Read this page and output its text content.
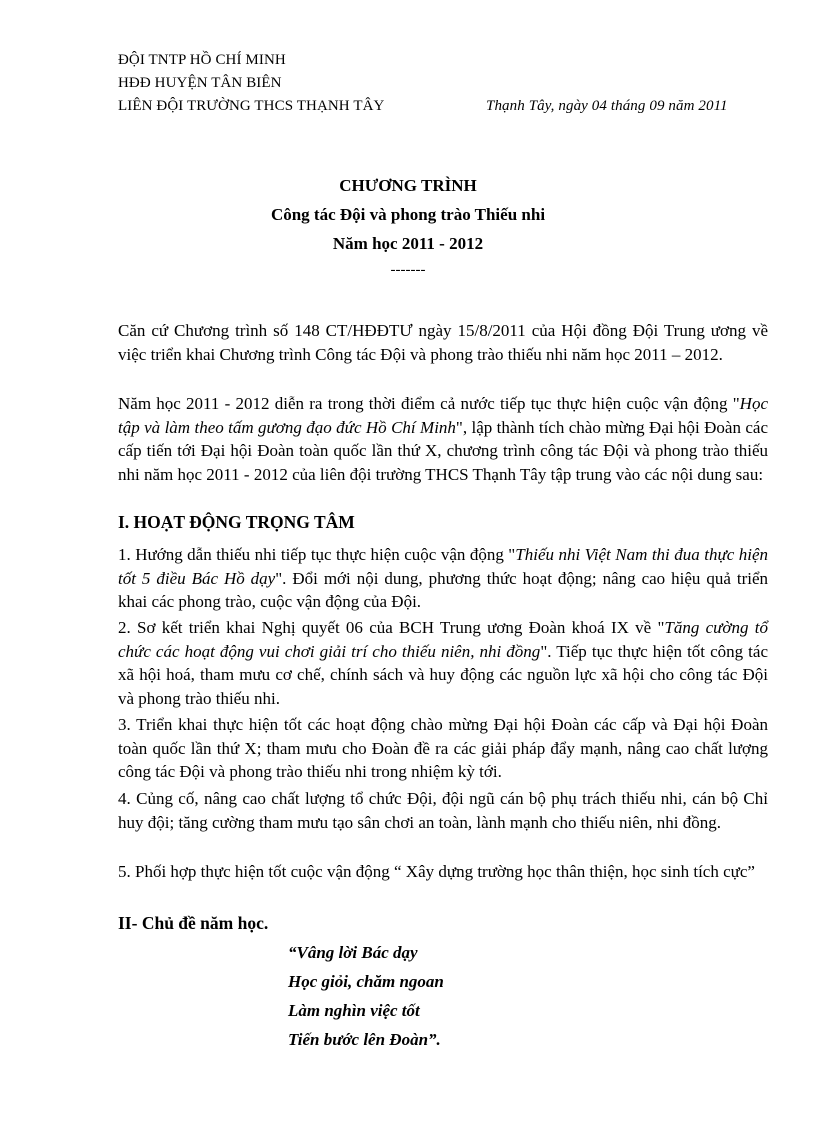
ĐỘI TNTP HỒ CHÍ MINH
HĐĐ HUYỆN TÂN BIÊN
LIÊN ĐỘI TRƯỜNG THCS THẠNH TÂY	Thạnh Tây, ngày 04 tháng 09 năm 2011
CHƯƠNG TRÌNH
Công tác Đội và phong trào Thiếu nhi
Năm học 2011 - 2012
-------
Căn cứ Chương trình số 148 CT/HĐĐTƯ ngày 15/8/2011 của Hội đồng Đội Trung ương về việc triển khai Chương trình Công tác Đội và phong trào thiếu nhi năm học 2011 – 2012.
Năm học 2011 - 2012 diễn ra trong thời điểm cả nước tiếp tục thực hiện cuộc vận động "Học tập và làm theo tấm gương đạo đức Hồ Chí Minh", lập thành tích chào mừng Đại hội Đoàn các cấp tiến tới Đại hội Đoàn toàn quốc lần thứ X, chương trình công tác Đội và phong trào thiếu nhi năm học 2011 - 2012 của liên đội trường THCS Thạnh Tây tập trung vào các nội dung sau:
I. HOẠT ĐỘNG TRỌNG TÂM
1. Hướng dẫn thiếu nhi tiếp tục thực hiện cuộc vận động "Thiếu nhi Việt Nam thi đua thực hiện tốt 5 điều Bác Hồ dạy". Đổi mới nội dung, phương thức hoạt động; nâng cao hiệu quả triển khai các phong trào, cuộc vận động của Đội.
2. Sơ kết triển khai Nghị quyết 06 của BCH Trung ương Đoàn khoá IX về "Tăng cường tổ chức các hoạt động vui chơi giải trí cho thiếu niên, nhi đồng". Tiếp tục thực hiện tốt công tác xã hội hoá, tham mưu cơ chế, chính sách và huy động các nguồn lực xã hội cho công tác Đội và phong trào thiếu nhi.
3. Triển khai thực hiện tốt các hoạt động chào mừng Đại hội Đoàn các cấp và Đại hội Đoàn toàn quốc lần thứ X; tham mưu cho Đoàn đề ra các giải pháp đẩy mạnh, nâng cao chất lượng công tác Đội và phong trào thiếu nhi trong nhiệm kỳ tới.
4. Củng cố, nâng cao chất lượng tổ chức Đội, đội ngũ cán bộ phụ trách thiếu nhi, cán bộ Chỉ huy đội; tăng cường tham mưu tạo sân chơi an toàn, lành mạnh cho thiếu niên, nhi đồng.
5. Phối hợp thực hiện tốt cuộc vận động “ Xây dựng trường học thân thiện, học sinh tích cực”
II- Chủ đề năm học.
“Vâng lời Bác dạy
Học giỏi, chăm ngoan
Làm nghìn việc tốt
Tiến bước lên Đoàn”.
